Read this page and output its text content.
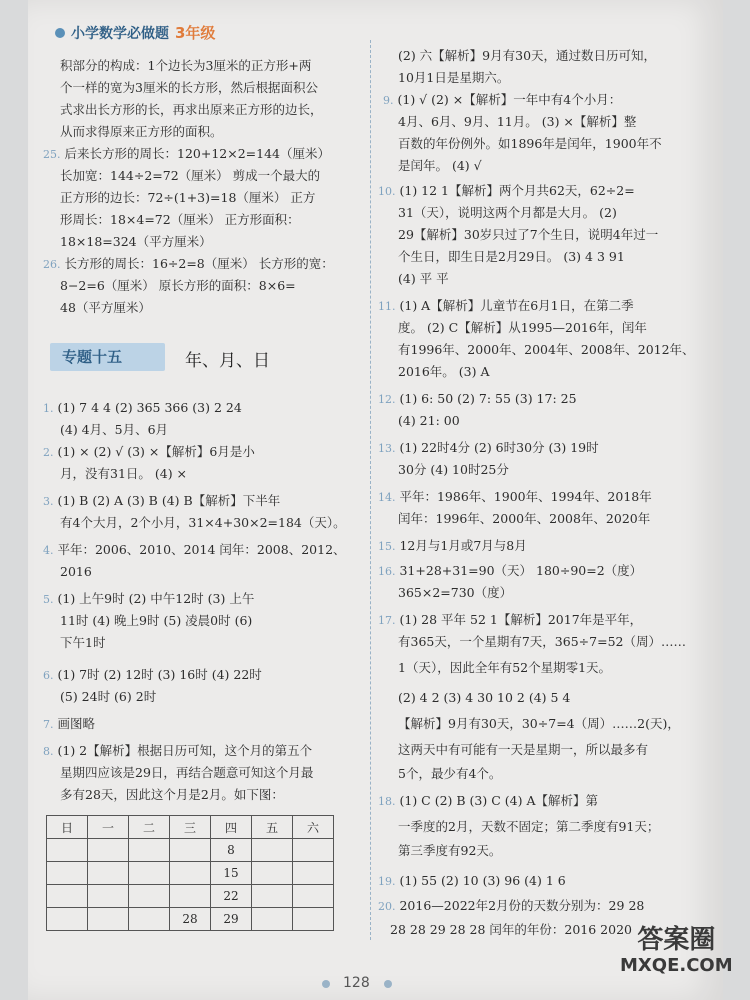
小学数学必做题 3年级
积部分的构成：1个边长为3厘米的正方形+两
个一样的宽为3厘米的长方形，然后根据面积公
式求出长方形的长，再求出原来正方形的边长，
从而求得原来正方形的面积。
25. 后来长方形的周长：120+12×2=144（厘米）
长加宽：144÷2=72（厘米） 剪成一个最大的
正方形的边长：72÷(1+3)=18（厘米） 正方
形周长：18×4=72（厘米） 正方形面积：
18×18=324（平方厘米）
26. 长方形的周长：16÷2=8（厘米） 长方形的宽：
8−2=6（厘米） 原长方形的面积：8×6=
48（平方厘米）
1. (1) 7 4 4 (2) 365 366 (3) 2 24
(4) 4月、5月、6月
2. (1) × (2) √ (3) ×【解析】6月是小
月，没有31日。 (4) ×
3. (1) B (2) A (3) B (4) B【解析】下半年
有4个大月，2个小月，31×4+30×2=184（天）。
4. 平年：2006、2010、2014 闰年：2008、2012、
2016
5. (1) 上午9时 (2) 中午12时 (3) 上午
11时 (4) 晚上9时 (5) 凌晨0时 (6)
下午1时
6. (1) 7时 (2) 12时 (3) 16时 (4) 22时
(5) 24时 (6) 2时
7. 画图略
8. (1) 2【解析】根据日历可知，这个月的第五个
星期四应该是29日，再结合题意可知这个月最
多有28天，因此这个月是2月。如下图：
专题十五	年、月、日
日	一	二	三	四	五	六
				8		
				15		
				22		
			28	29		
(2) 六【解析】9月有30天，通过数日历可知，
10月1日是星期六。
9. (1) √ (2) ×【解析】一年中有4个小月：
4月、6月、9月、11月。 (3) ×【解析】整
百数的年份例外。如1896年是闰年，1900年不
是闰年。 (4) √
10. (1) 12 1【解析】两个月共62天，62÷2=
31（天），说明这两个月都是大月。 (2)
29【解析】30岁只过了7个生日，说明4年过一
个生日，即生日是2月29日。 (3) 4 3 91
(4) 平 平
11. (1) A【解析】儿童节在6月1日，在第二季
度。 (2) C【解析】从1995—2016年，闰年
有1996年、2000年、2004年、2008年、2012年、
2016年。 (3) A
12. (1) 6: 50 (2) 7: 55 (3) 17: 25
(4) 21: 00
13. (1) 22时4分 (2) 6时30分 (3) 19时
30分 (4) 10时25分
14. 平年：1986年、1900年、1994年、2018年
闰年：1996年、2000年、2008年、2020年
15. 12月与1月或7月与8月
16. 31+28+31=90（天） 180÷90=2（度）
365×2=730（度）
17. (1) 28 平年 52 1【解析】2017年是平年，
有365天，一个星期有7天，365÷7=52（周）……
1（天），因此全年有52个星期零1天。
(2) 4 2 (3) 4 30 10 2 (4) 5 4
【解析】9月有30天，30÷7=4（周）……2(天)，
这两天中有可能有一天是星期一，所以最多有
5个，最少有4个。
18. (1) C (2) B (3) C (4) A【解析】第
一季度的2月，天数不固定；第二季度有91天；
第三季度有92天。
19. (1) 55 (2) 10 (3) 96 (4) 1 6
20. 2016—2022年2月份的天数分别为：29 28
28 28 29 28 28 闰年的年份：2016 2020
128
答案圈
MXQE.COM
